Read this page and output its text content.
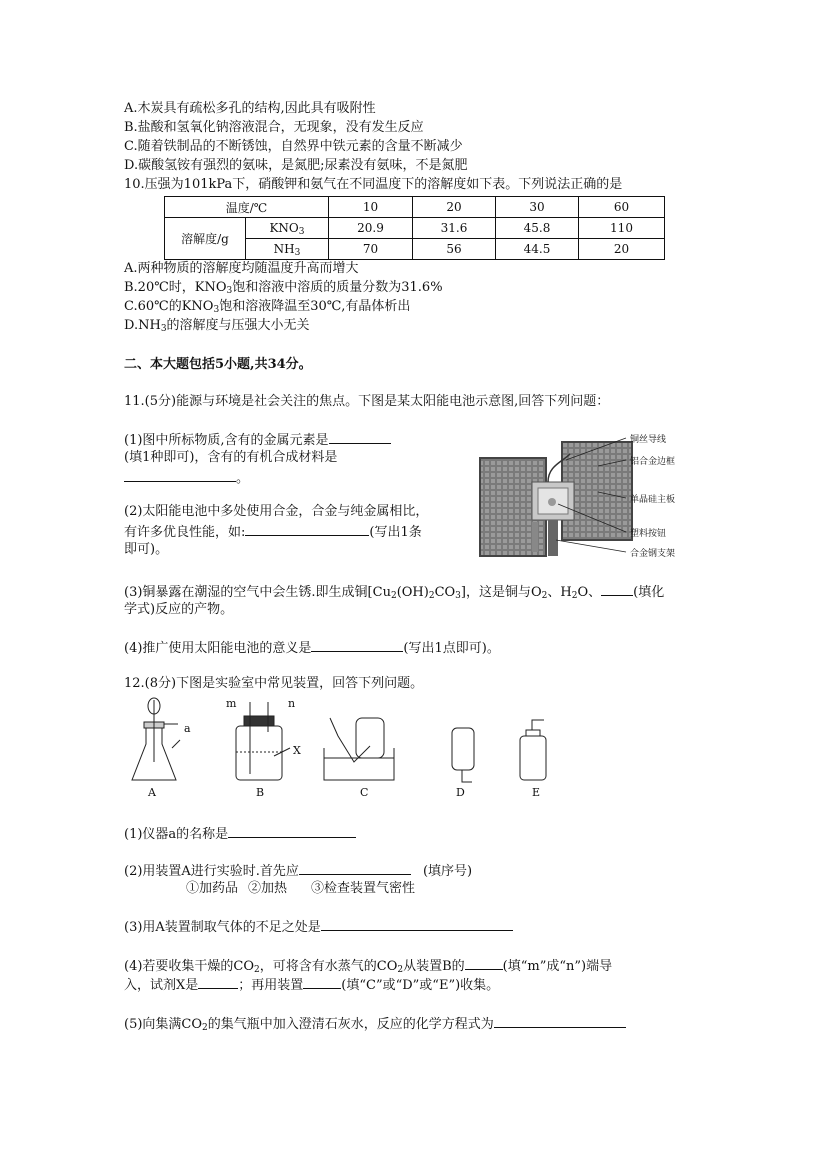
A.木炭具有疏松多孔的结构,因此具有吸附性
B.盐酸和氢氧化钠溶液混合，无现象，没有发生反应
C.随着铁制品的不断锈蚀，自然界中铁元素的含量不断减少
D.碳酸氢铵有强烈的氨味，是氮肥;尿素没有氨味，不是氮肥
10.压强为101kPa下，硝酸钾和氨气在不同温度下的溶解度如下表。下列说法正确的是
温度/℃		10	20	30	60
溶解度/g	$KNO_3$	20.9	31.6	45.8	110
	$NH_3$	70	56	44.5	20
A.两种物质的溶解度均随温度升高而增大
B.20℃时，$KNO_3$饱和溶液中溶质的质量分数为31.6%
C.60℃的$KNO_3$饱和溶液降温至30℃,有晶体析出
$D.NH_3$的溶解度与压强大小无关
二、本大题包括5小题,共34分。
11.(5分)能源与环境是社会关注的焦点。下图是某太阳能电池示意图,回答下列问题：
(1)图中所标物质,含有的金属元素是
(填1种即可)，含有的有机合成材料是
。
(2)太阳能电池中多处使用合金，合金与纯金属相比，
有许多优良性能，如:	(写出1条
即可)。
铜丝导线
铝合金边框
单晶硅主板
塑料按钮
合金钢支架
(3)铜暴露在潮湿的空气中会生锈.即生成铜$[Cu_2(OH)_2CO_3]$，这是铜与$O_2$、$H_2O$、 (填化
学式)反应的产物。
(4)推广使用太阳能电池的意义是	(写出1点即可)。
12.(8分)下图是实验室中常见装置，回答下列问题。
a
m	n
X
A	B	C	D	E
(1)仪器a的名称是
(2)用装置A进行实验时.首先应	(填序号)
①加药品 ②加热 ③检查装置气密性
(3)用A装置制取气体的不足之处是
(4)若要收集干燥的$CO_2$，可将含有水蒸气的$CO_2$从装置B的	(填“m”成“n”)端导
入，试剂X是	；再用装置	(填“C”或“D”或“E”)收集。
(5)向集满$CO_2$的集气瓶中加入澄清石灰水，反应的化学方程式为
